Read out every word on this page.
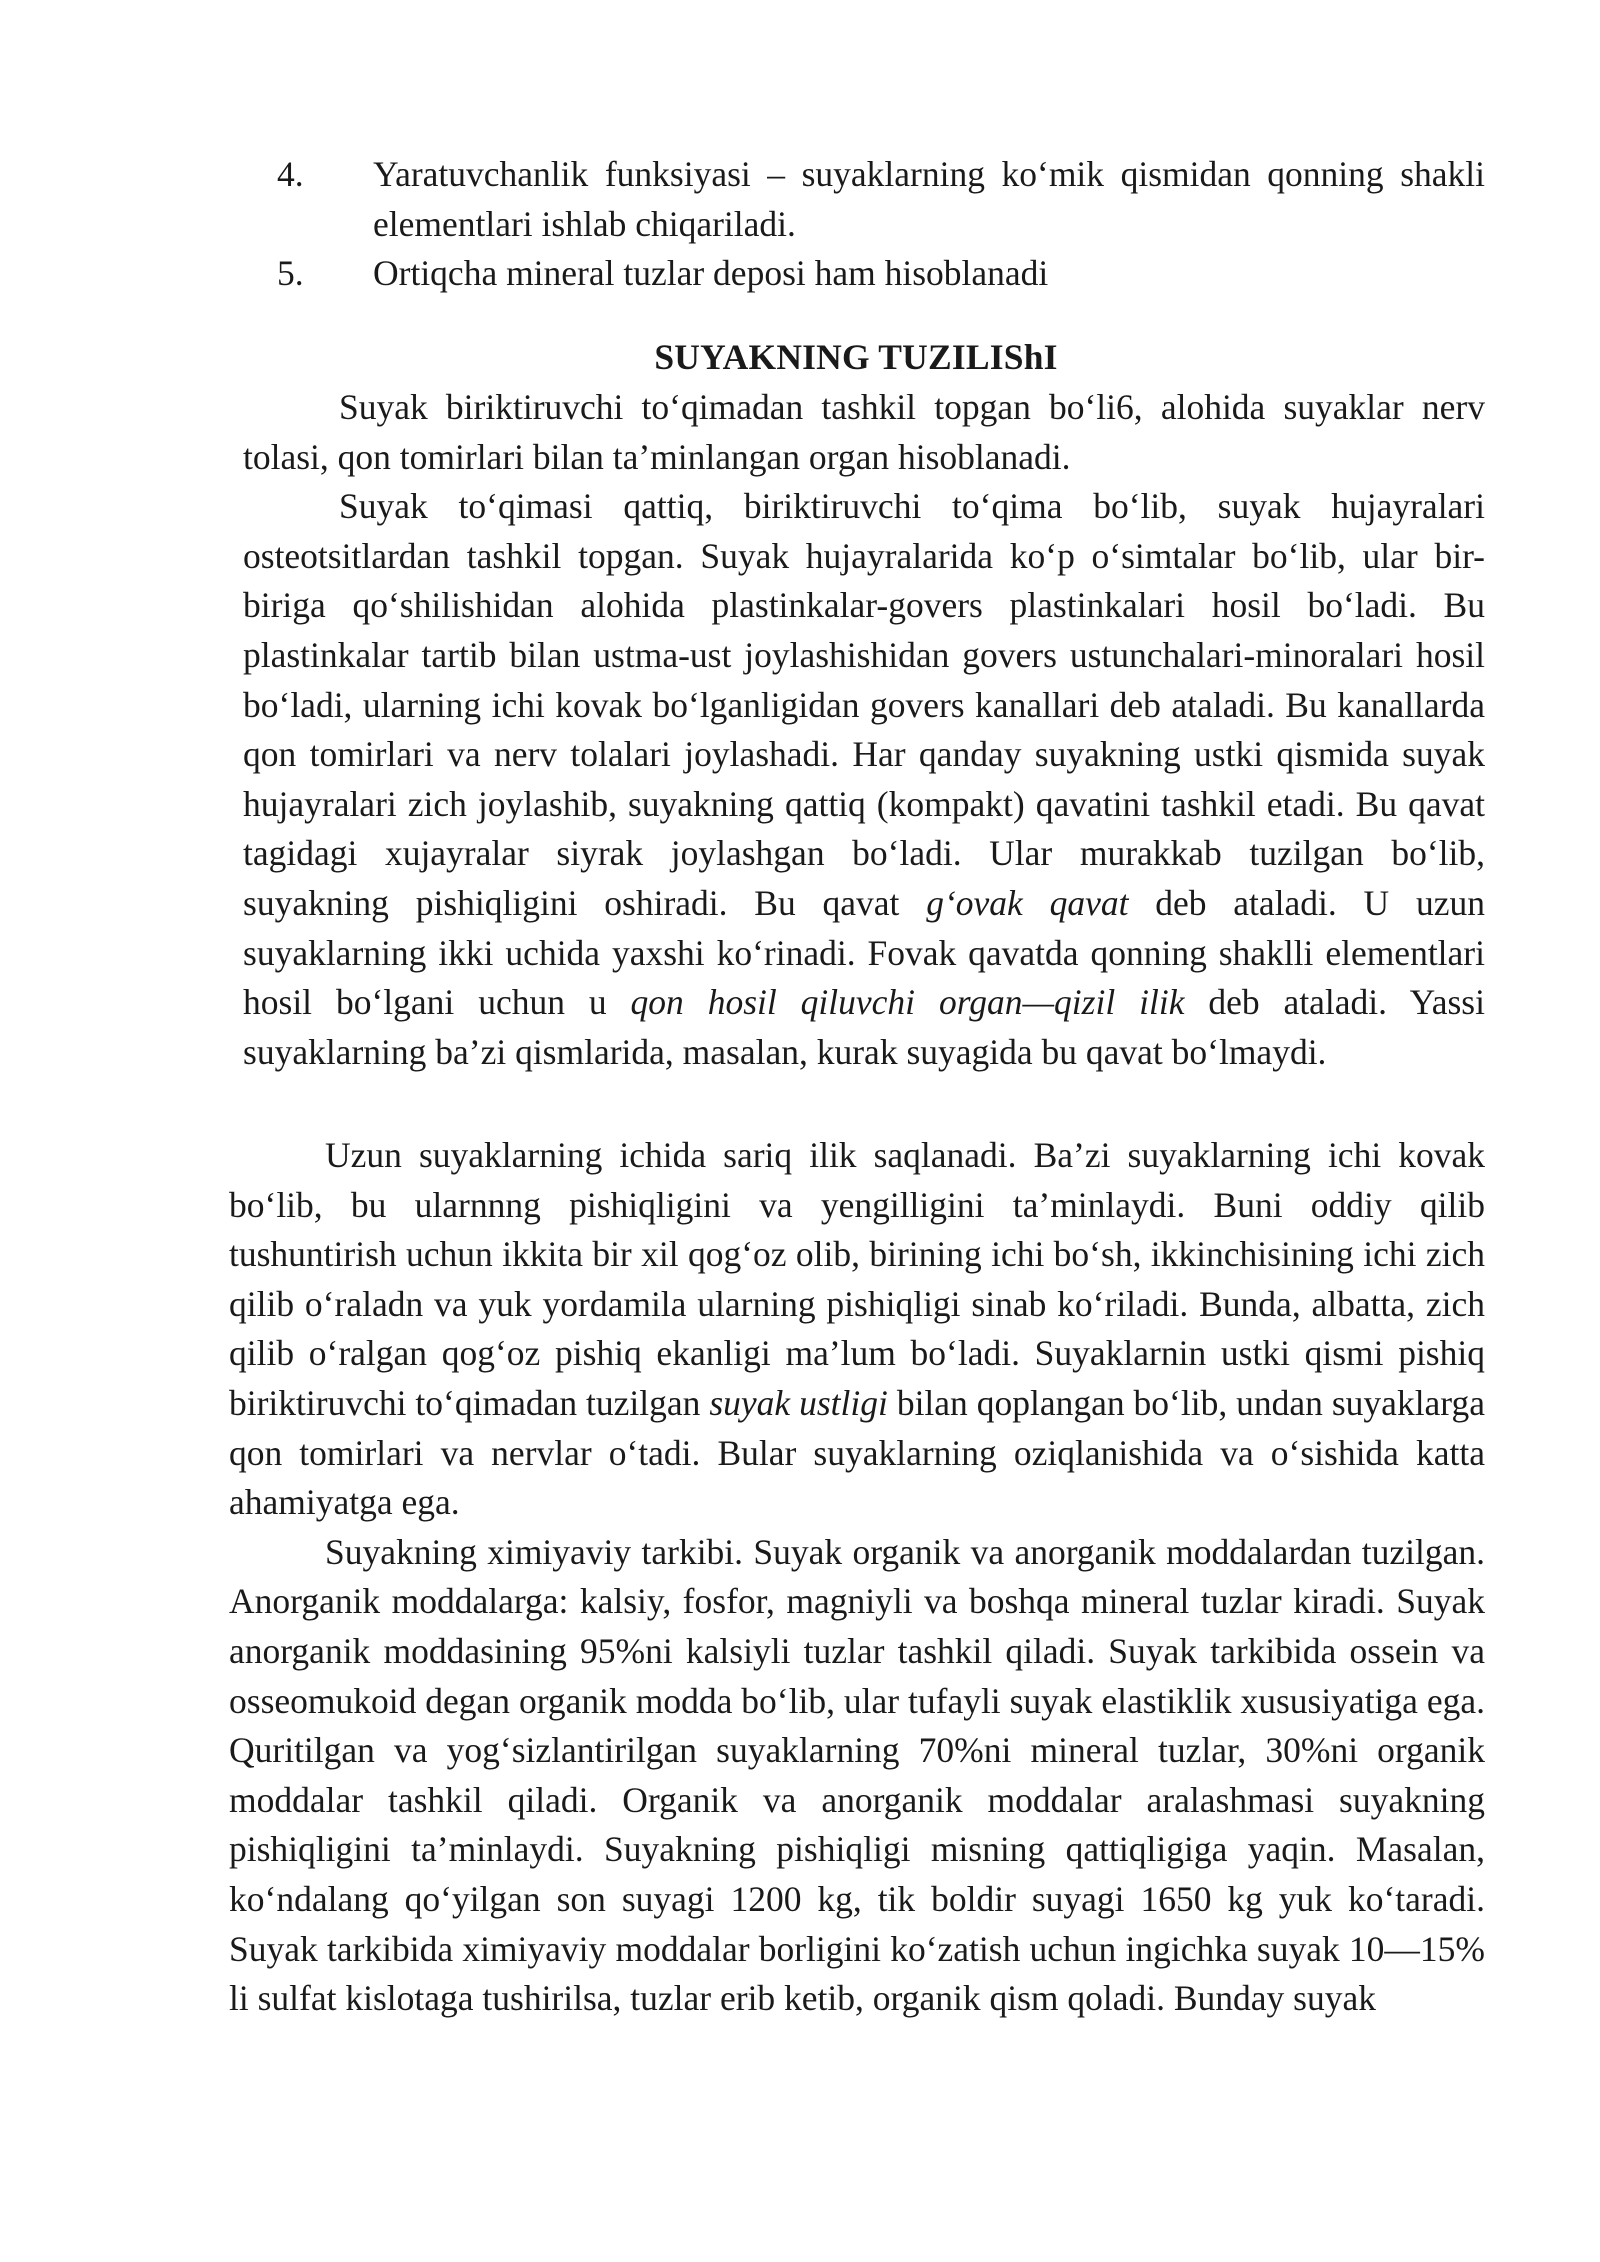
4.	Yaratuvchanlik funksiyasi – suyaklarning koʻmik qismidan qonning shakli elementlari ishlab chiqariladi.
5.	Ortiqcha mineral tuzlar deposi ham hisoblanadi
SUYAKNING TUZILIShI

Suyak biriktiruvchi toʻqimadan tashkil topgan boʻli6, alohida suyaklar nerv tolasi, qon tomirlari bilan ta’minlangan organ hisoblanadi.

Suyak toʻqimasi qattiq, biriktiruvchi toʻqima boʻlib, suyak hujayralari osteotsitlardan tashkil topgan. Suyak hujayralarida koʻp oʻsimtalar boʻlib, ular bir-biriga qoʻshilishidan alohida plastinkalar-govers plastinkalari hosil boʻladi. Bu plastinkalar tartib bilan ustma-ust joylashishidan govers ustunchalari-minoralari hosil boʻladi, ularning ichi kovak boʻlganligidan govers kanallari deb ataladi. Bu kanallarda qon tomirlari va nerv tolalari joylashadi. Har qanday suyakning ustki qismida suyak hujayralari zich joylashib, suyakning qattiq (kompakt) qavatini tashkil etadi. Bu qavat tagidagi xujayralar siyrak joylashgan boʻladi. Ular murakkab tuzilgan boʻlib, suyakning pishiqligini oshiradi. Bu qavat gʻovak qavat deb ataladi. U uzun suyaklarning ikki uchida yaxshi koʻrinadi. Fovak qavatda qonning shaklli elementlari hosil boʻlgani uchun u qon hosil qiluvchi organ—qizil ilik deb ataladi. Yassi suyaklarning ba’zi qismlarida, masalan, kurak suyagida bu qavat boʻlmaydi.

Uzun suyaklarning ichida sariq ilik saqlanadi. Ba’zi suyaklarning ichi kovak boʻlib, bu ularnnng pishiqligini va yengilligini ta’minlaydi. Buni oddiy qilib tushuntirish uchun ikkita bir xil qogʻoz olib, birining ichi boʻsh, ikkinchisining ichi zich qilib oʻraladn va yuk yordamila ularning pishiqligi sinab koʻriladi. Bunda, albatta, zich qilib oʻralgan qogʻoz pishiq ekanligi ma’lum boʻladi. Suyaklarnin ustki qismi pishiq biriktiruvchi toʻqimadan tuzilgan suyak ustligi bilan qoplangan boʻlib, undan suyaklarga qon tomirlari va nervlar oʻtadi. Bular suyaklarning oziqlanishida va oʻsishida katta ahamiyatga ega.

Suyakning ximiyaviy tarkibi. Suyak organik va anorganik moddalardan tuzilgan. Anorganik moddalarga: kalsiy, fosfor, magniyli va boshqa mineral tuzlar kiradi. Suyak anorganik moddasining 95%ni kalsiyli tuzlar tashkil qiladi. Suyak tarkibida ossein va osseomukoid degan organik modda boʻlib, ular tufayli suyak elastiklik xususiyatiga ega. Quritilgan va yogʻsizlantirilgan suyaklarning 70%ni mineral tuzlar, 30%ni organik moddalar tashkil qiladi. Organik va anorganik moddalar aralashmasi suyakning pishiqligini ta’minlaydi. Suyakning pishiqligi misning qattiqligiga yaqin. Masalan, koʻndalang qoʻyilgan son suyagi 1200 kg, tik boldir suyagi 1650 kg yuk koʻtaradi. Suyak tarkibida ximiyaviy moddalar borligini koʻzatish uchun ingichka suyak 10—15% li sulfat kislotaga tushirilsa, tuzlar erib ketib, organik qism qoladi. Bunday suyak
